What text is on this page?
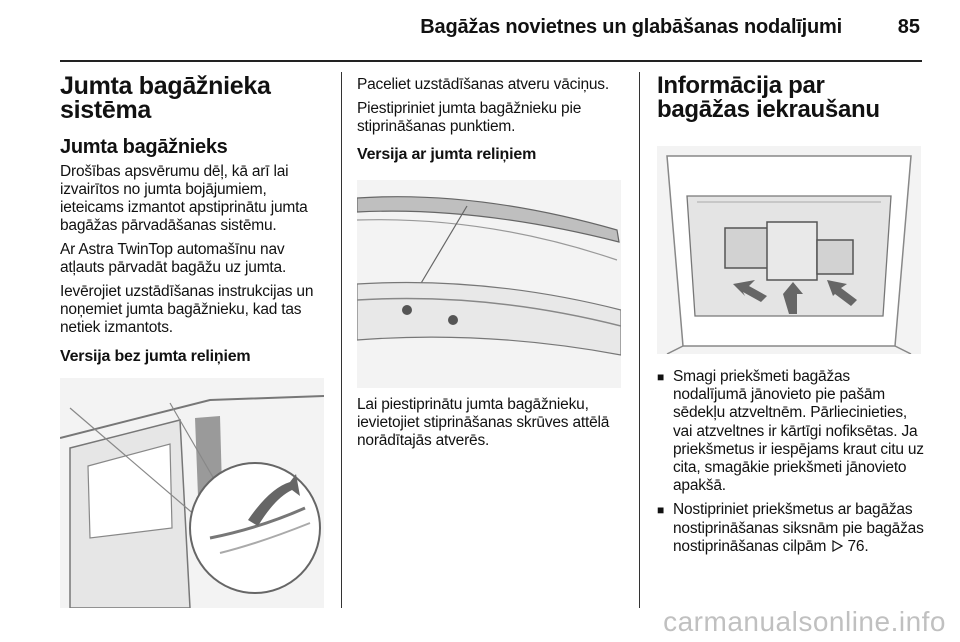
Bagāžas novietnes un glabāšanas nodalījumi	85
Jumta bagāžnieka sistēma
Jumta bagāžnieks

Drošības apsvērumu dēļ, kā arī lai izvairītos no jumta bojājumiem, ieteicams izmantot apstiprinātu jumta bagāžas pārvadāšanas sistēmu.

Ar Astra TwinTop automašīnu nav atļauts pārvadāt bagāžu uz jumta.

Ievērojiet uzstādīšanas instrukcijas un noņemiet jumta bagāžnieku, kad tas netiek izmantots.

Versija bez jumta reliņiem

Paceliet uzstādīšanas atveru vāciņus.

Piestipriniet jumta bagāžnieku pie stiprināšanas punktiem.

Versija ar jumta reliņiem

Lai piestiprinātu jumta bagāžnieku, ievietojiet stiprināšanas skrūves attēlā norādītajās atverēs.

Informācija par bagāžas iekraušanu
■ Smagi priekšmeti bagāžas nodalījumā jānovieto pie pašām sēdekļu atzveltnēm. Pārliecinieties, vai atzveltnes ir kārtīgi nofiksētas. Ja priekšmetus ir iespējams kraut citu uz cita, smagākie priekšmeti jānovieto apakšā.
■ Nostipriniet priekšmetus ar bagāžas nostiprināšanas siksnām pie bagāžas nostiprināšanas cilpām 76.
carmanualsonline.info
